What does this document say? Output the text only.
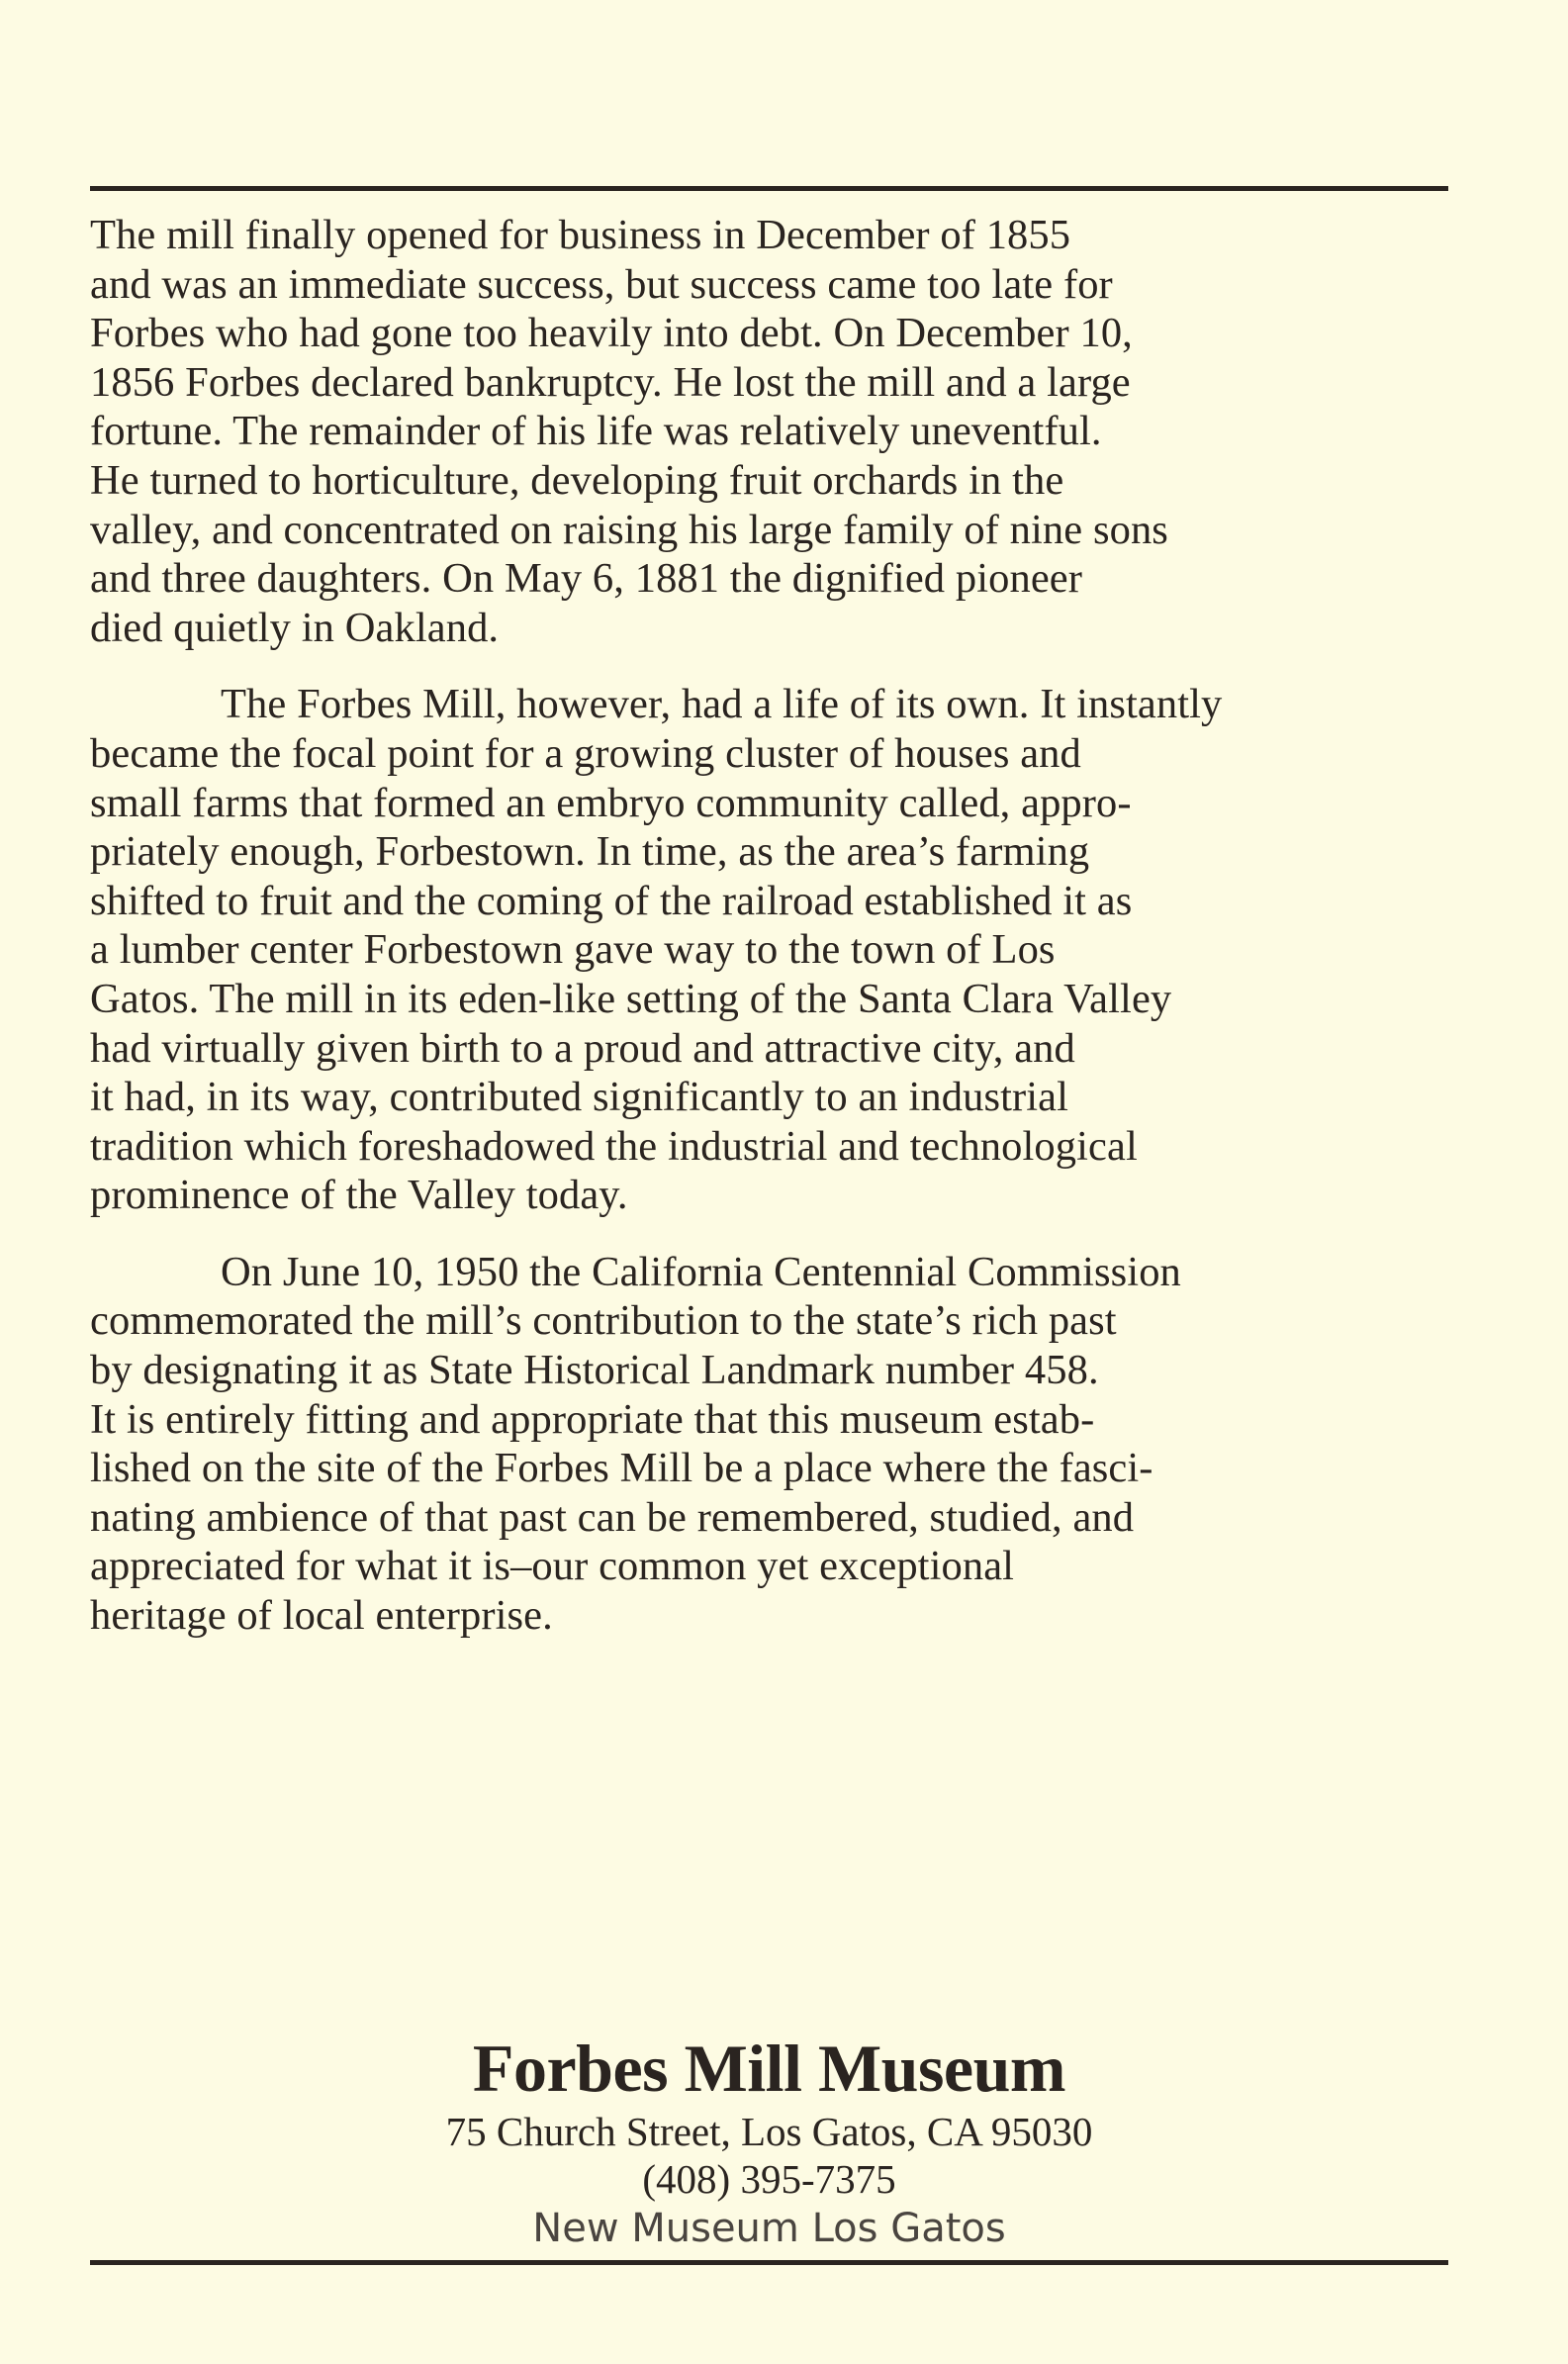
The mill finally opened for business in December of 1855
and was an immediate success, but success came too late for
Forbes who had gone too heavily into debt. On December 10,
1856 Forbes declared bankruptcy. He lost the mill and a large
fortune. The remainder of his life was relatively uneventful.
He turned to horticulture, developing fruit orchards in the
valley, and concentrated on raising his large family of nine sons
and three daughters. On May 6, 1881 the dignified pioneer
died quietly in Oakland.

The Forbes Mill, however, had a life of its own. It instantly
became the focal point for a growing cluster of houses and
small farms that formed an embryo community called, appro-
priately enough, Forbestown. In time, as the area’s farming
shifted to fruit and the coming of the railroad established it as
a lumber center Forbestown gave way to the town of Los
Gatos. The mill in its eden-like setting of the Santa Clara Valley
had virtually given birth to a proud and attractive city, and
it had, in its way, contributed significantly to an industrial
tradition which foreshadowed the industrial and technological
prominence of the Valley today.

On June 10, 1950 the California Centennial Commission
commemorated the mill’s contribution to the state’s rich past
by designating it as State Historical Landmark number 458.
It is entirely fitting and appropriate that this museum estab-
lished on the site of the Forbes Mill be a place where the fasci-
nating ambience of that past can be remembered, studied, and
appreciated for what it is–our common yet exceptional
heritage of local enterprise.

Forbes Mill Museum
75 Church Street, Los Gatos, CA 95030
(408) 395-7375
New Museum Los Gatos
